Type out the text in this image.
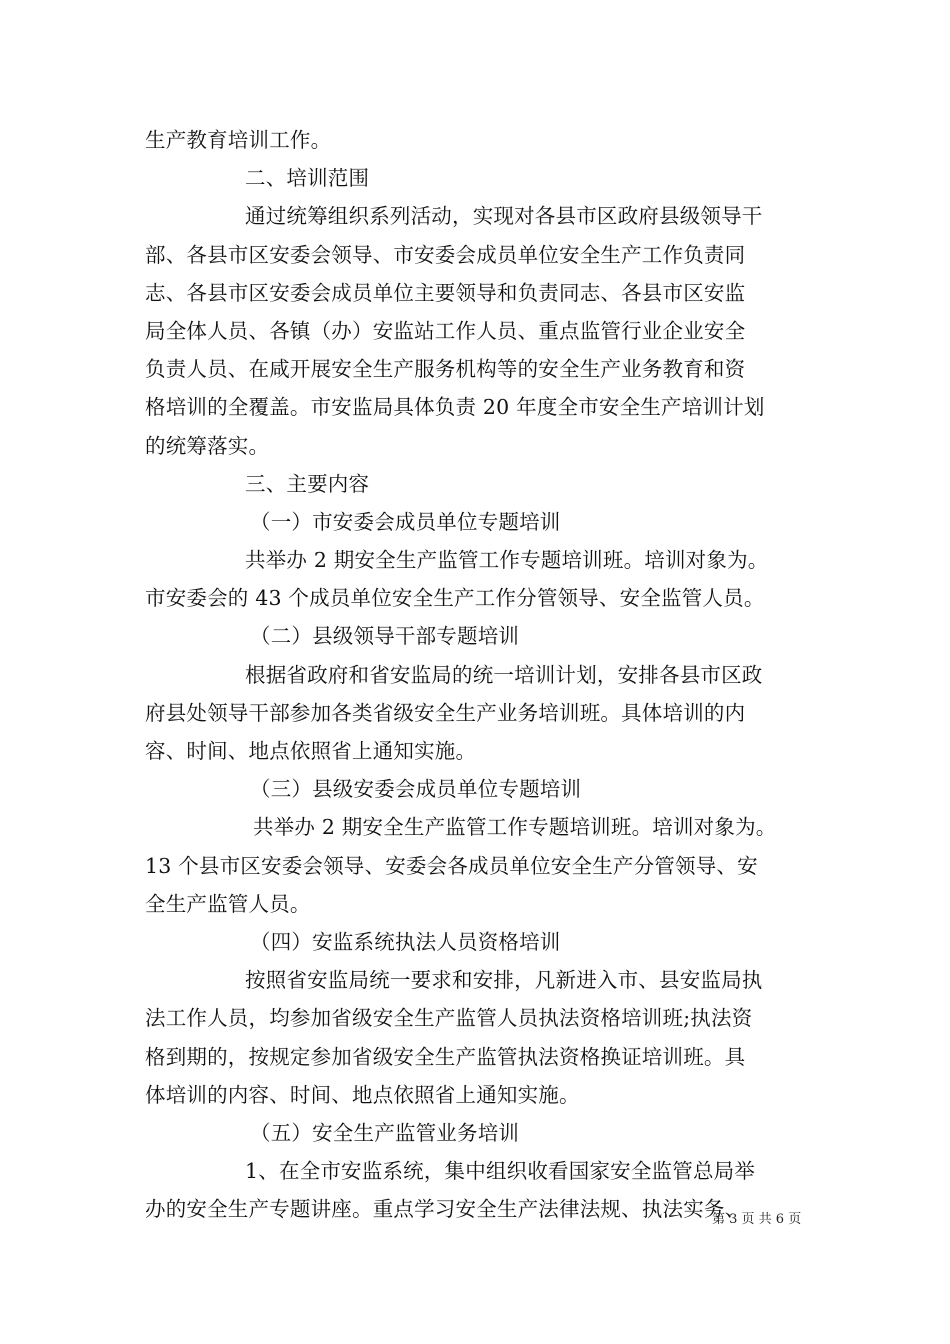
生产教育培训工作。
二、培训范围
通过统筹组织系列活动，实现对各县市区政府县级领导干
部、各县市区安委会领导、市安委会成员单位安全生产工作负责同
志、各县市区安委会成员单位主要领导和负责同志、各县市区安监
局全体人员、各镇（办）安监站工作人员、重点监管行业企业安全
负责人员、在咸开展安全生产服务机构等的安全生产业务教育和资
格培训的全覆盖。市安监局具体负责 20 年度全市安全生产培训计划
的统筹落实。
三、主要内容
（一）市安委会成员单位专题培训
共举办 2 期安全生产监管工作专题培训班。培训对象为。
市安委会的 43 个成员单位安全生产工作分管领导、安全监管人员。
（二）县级领导干部专题培训
根据省政府和省安监局的统一培训计划，安排各县市区政
府县处领导干部参加各类省级安全生产业务培训班。具体培训的内
容、时间、地点依照省上通知实施。
（三）县级安委会成员单位专题培训
共举办 2 期安全生产监管工作专题培训班。培训对象为。
13 个县市区安委会领导、安委会各成员单位安全生产分管领导、安
全生产监管人员。
（四）安监系统执法人员资格培训
按照省安监局统一要求和安排，凡新进入市、县安监局执
法工作人员，均参加省级安全生产监管人员执法资格培训班;执法资
格到期的，按规定参加省级安全生产监管执法资格换证培训班。具
体培训的内容、时间、地点依照省上通知实施。
（五）安全生产监管业务培训
1、在全市安监系统，集中组织收看国家安全监管总局举
办的安全生产专题讲座。重点学习安全生产法律法规、执法实务、
第 3 页 共 6 页
